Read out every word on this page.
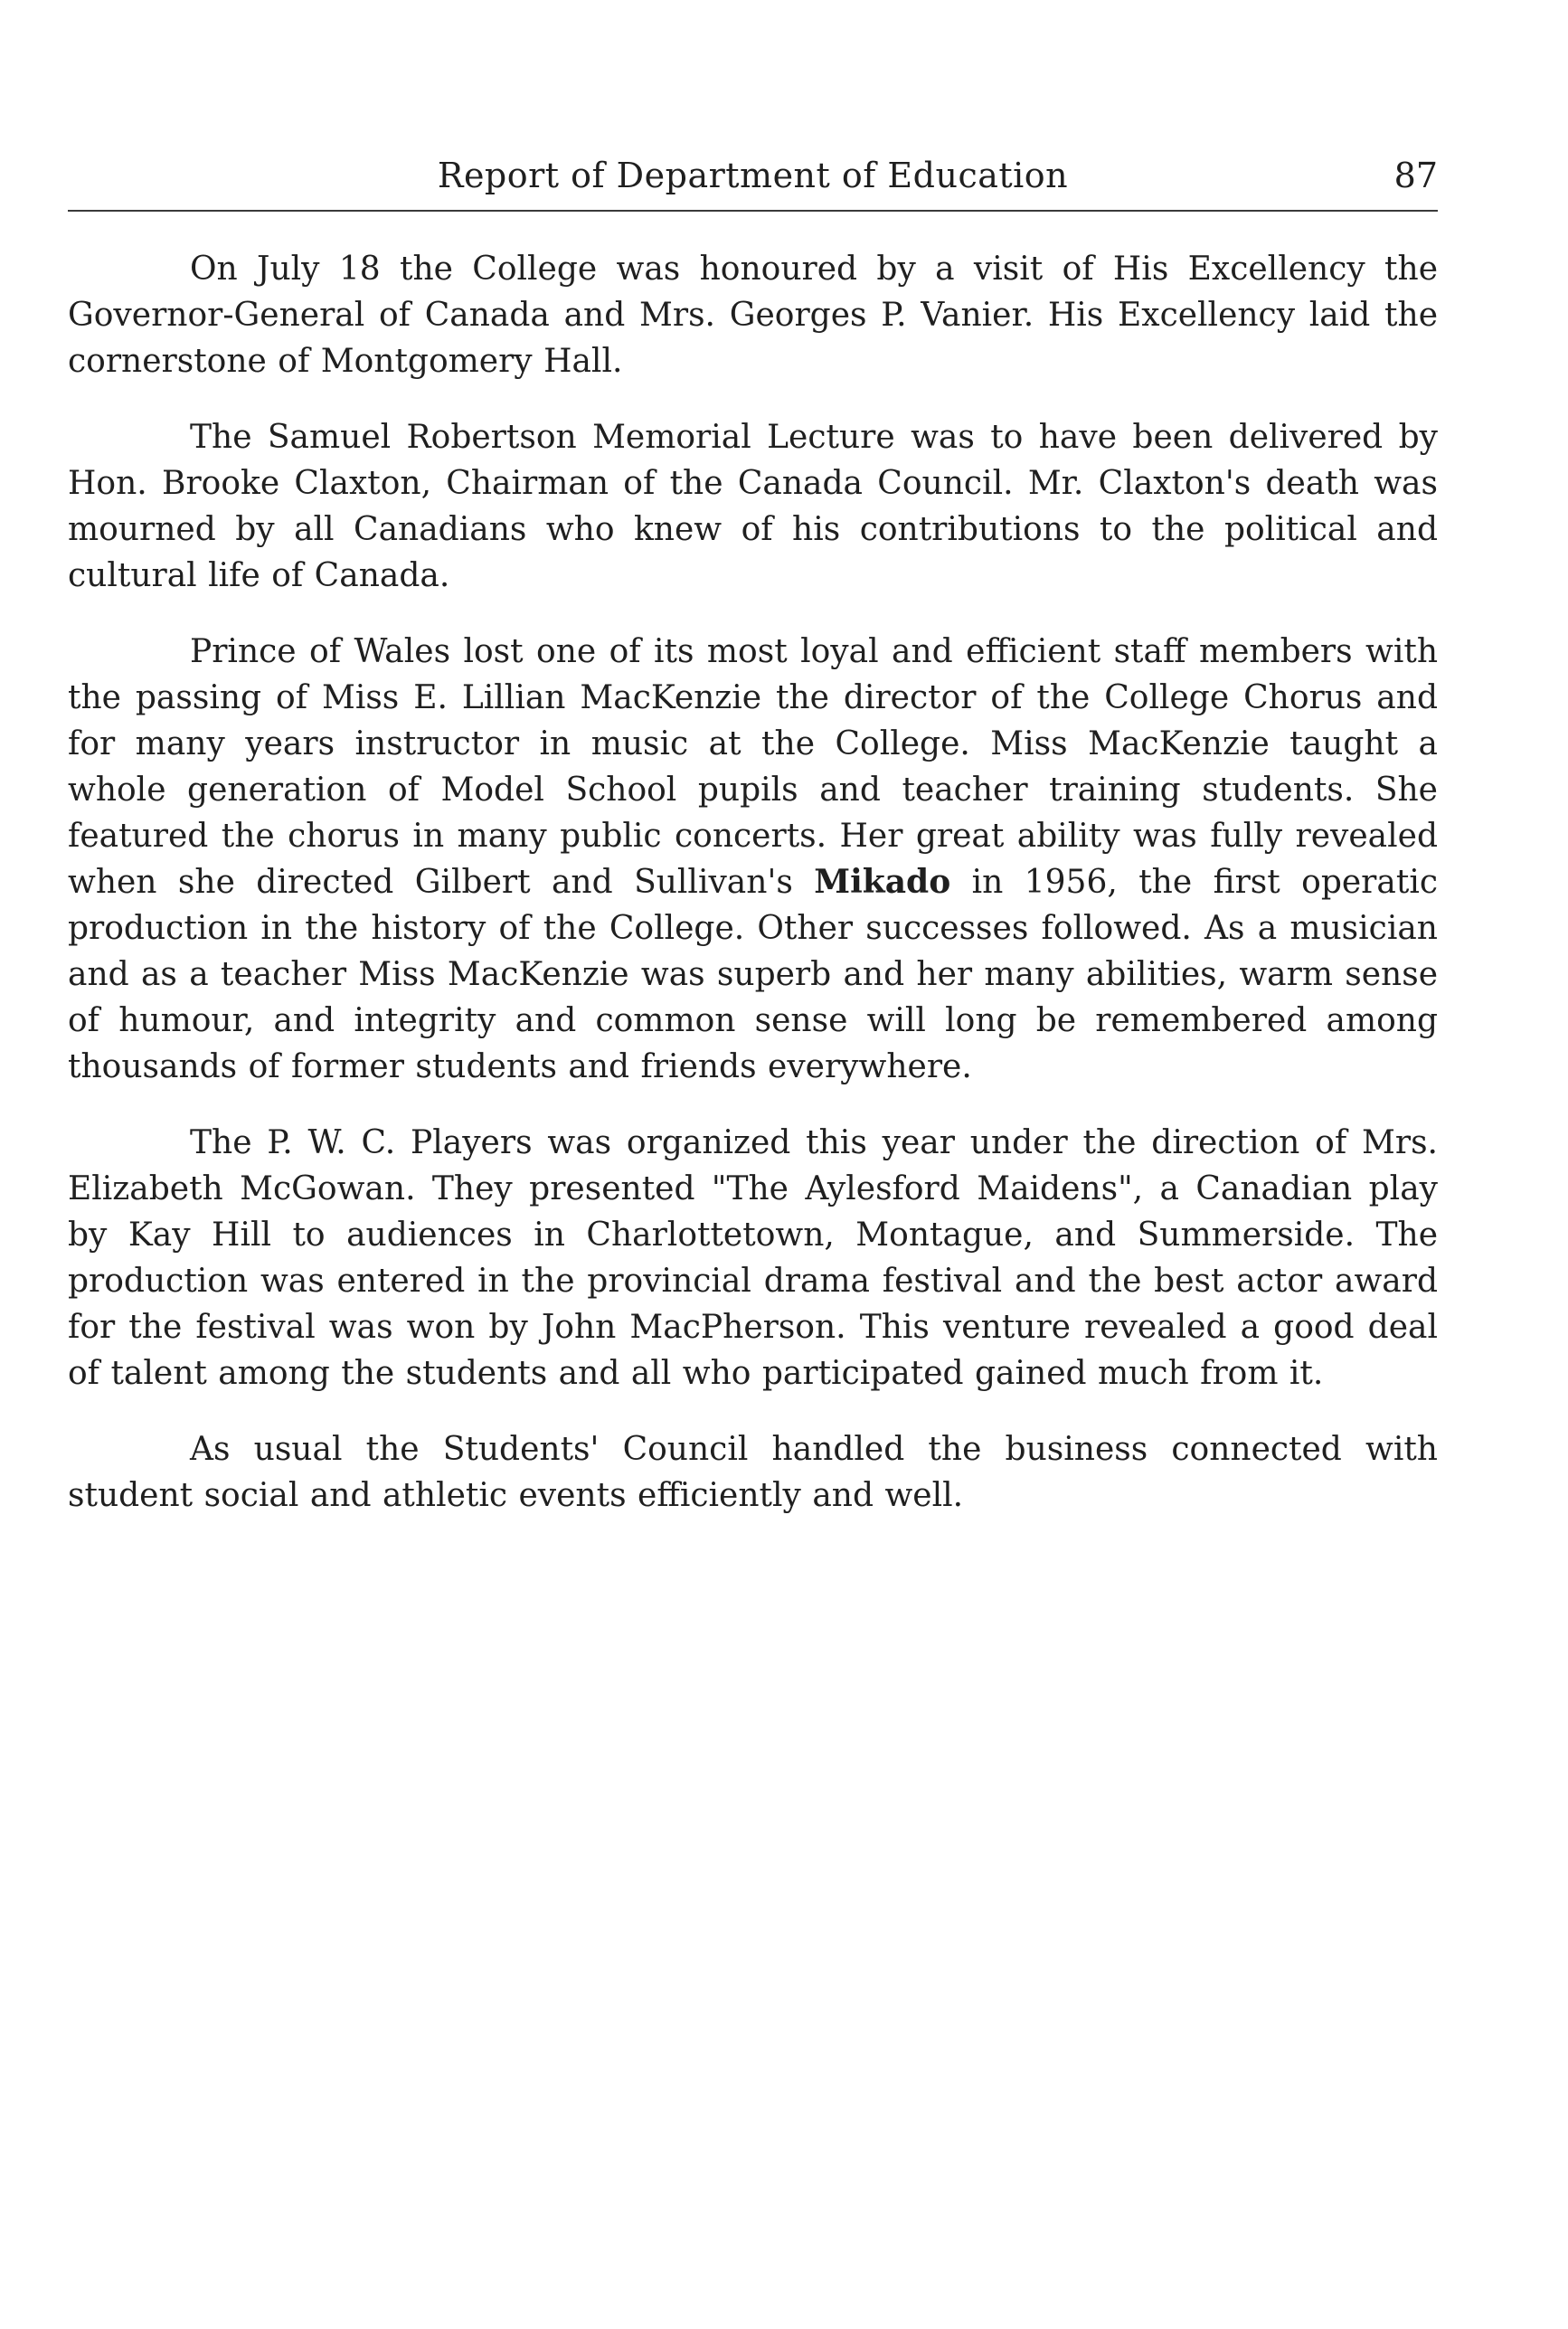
Report of Department of Education	87

On July 18 the College was honoured by a visit of His Excellency the Governor-General of Canada and Mrs. Georges P. Vanier. His Excellency laid the cornerstone of Montgomery Hall.

The Samuel Robertson Memorial Lecture was to have been delivered by Hon. Brooke Claxton, Chairman of the Canada Council. Mr. Claxton's death was mourned by all Canadians who knew of his contributions to the political and cultural life of Canada.

Prince of Wales lost one of its most loyal and efficient staff members with the passing of Miss E. Lillian MacKenzie the director of the College Chorus and for many years instructor in music at the College. Miss MacKenzie taught a whole generation of Model School pupils and teacher training students. She featured the chorus in many public concerts. Her great ability was fully revealed when she directed Gilbert and Sullivan's Mikado in 1956, the first operatic production in the history of the College. Other successes followed. As a musician and as a teacher Miss MacKenzie was superb and her many abilities, warm sense of humour, and integrity and common sense will long be remembered among thousands of former students and friends everywhere.

The P. W. C. Players was organized this year under the direction of Mrs. Elizabeth McGowan. They presented "The Aylesford Maidens", a Canadian play by Kay Hill to audiences in Charlottetown, Montague, and Summerside. The production was entered in the provincial drama festival and the best actor award for the festival was won by John MacPherson. This venture revealed a good deal of talent among the students and all who participated gained much from it.

As usual the Students' Council handled the business connected with student social and athletic events efficiently and well.
